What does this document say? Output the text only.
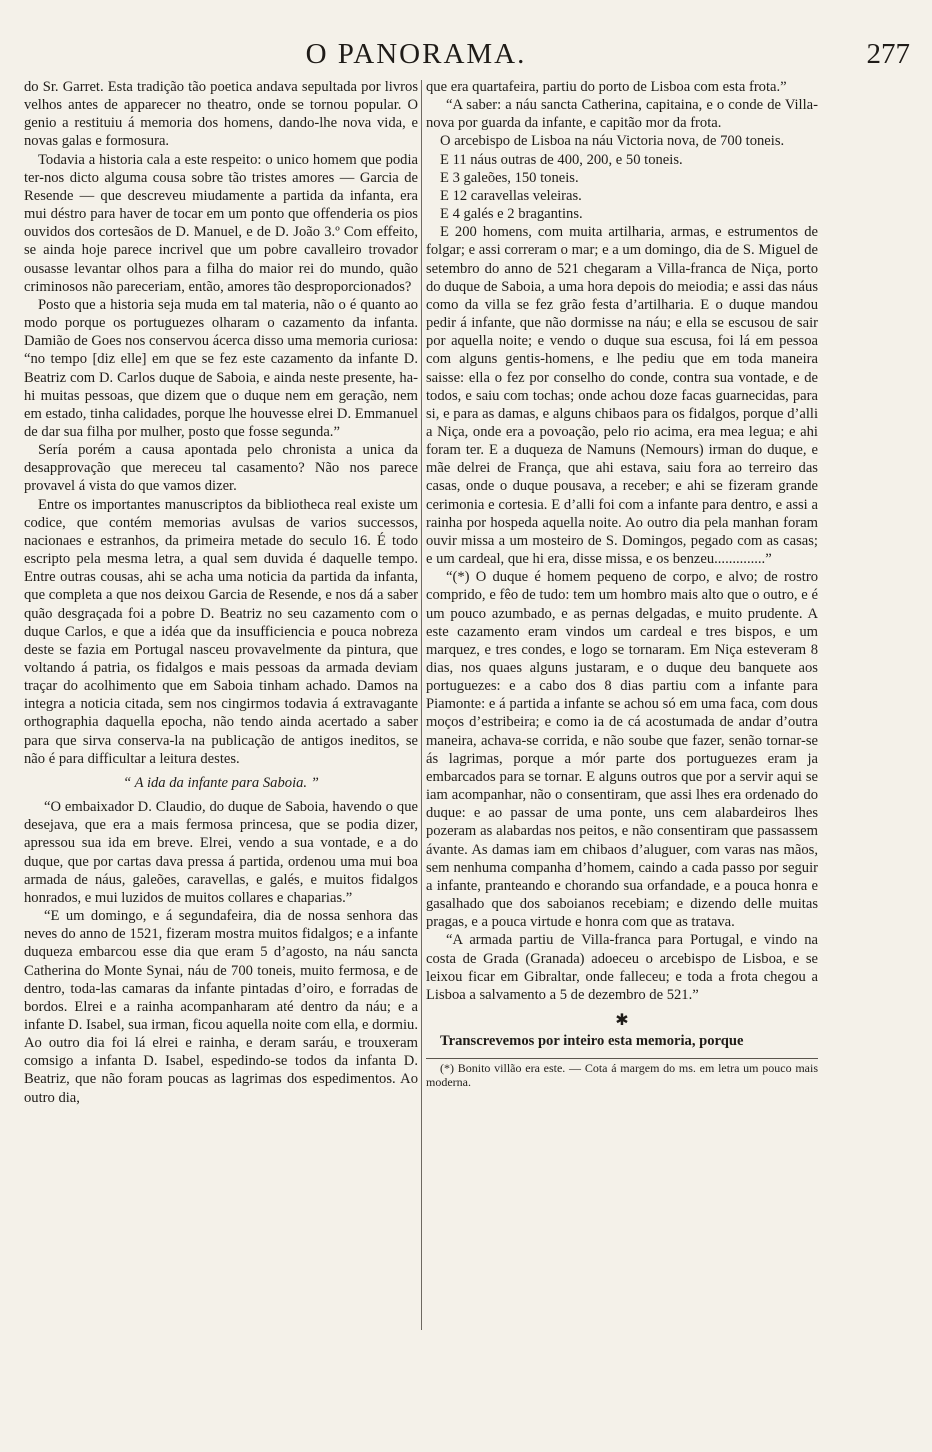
O PANORAMA.	277

do Sr. Garret. Esta tradição tão poetica andava sepultada por livros velhos antes de apparecer no theatro, onde se tornou popular. O genio a restituiu á memoria dos homens, dando-lhe nova vida, e novas galas e formosura.

Todavia a historia cala a este respeito: o unico homem que podia ter-nos dicto alguma cousa sobre tão tristes amores — Garcia de Resende — que descreveu miudamente a partida da infanta, era mui déstro para haver de tocar em um ponto que offenderia os pios ouvidos dos cortesãos de D. Manuel, e de D. João 3.º Com effeito, se ainda hoje parece incrivel que um pobre cavalleiro trovador ousasse levantar olhos para a filha do maior rei do mundo, quão criminosos não pareceriam, então, amores tão desproporcionados?

Posto que a historia seja muda em tal materia, não o é quanto ao modo porque os portuguezes olharam o cazamento da infanta. Damião de Goes nos conservou ácerca disso uma memoria curiosa: “no tempo [diz elle] em que se fez este cazamento da infante D. Beatriz com D. Carlos duque de Saboia, e ainda neste presente, ha-hi muitas pessoas, que dizem que o duque nem em geração, nem em estado, tinha calidades, porque lhe houvesse elrei D. Emmanuel de dar sua filha por mulher, posto que fosse segunda.”

Sería porém a causa apontada pelo chronista a unica da desapprovação que mereceu tal casamento? Não nos parece provavel á vista do que vamos dizer.

Entre os importantes manuscriptos da bibliotheca real existe um codice, que contém memorias avulsas de varios successos, nacionaes e estranhos, da primeira metade do seculo 16. É todo escripto pela mesma letra, a qual sem duvida é daquelle tempo. Entre outras cousas, ahi se acha uma noticia da partida da infanta, que completa a que nos deixou Garcia de Resende, e nos dá a saber quão desgraçada foi a pobre D. Beatriz no seu cazamento com o duque Carlos, e que a idéa que da insufficiencia e pouca nobreza deste se fazia em Portugal nasceu provavelmente da pintura, que voltando á patria, os fidalgos e mais pessoas da armada deviam traçar do acolhimento que em Saboia tinham achado. Damos na integra a noticia citada, sem nos cingirmos todavia á extravagante orthographia daquella epocha, não tendo ainda acertado a saber para que sirva conserva-la na publicação de antigos ineditos, se não é para difficultar a leitura destes.

“ A ida da infante para Saboia. ”

“O embaixador D. Claudio, do duque de Saboia, havendo o que desejava, que era a mais fermosa princesa, que se podia dizer, apressou sua ida em breve. Elrei, vendo a sua vontade, e a do duque, que por cartas dava pressa á partida, ordenou uma mui boa armada de náus, galeões, caravellas, e galés, e muitos fidalgos honrados, e mui luzidos de muitos collares e chaparias.”

“E um domingo, e á segundafeira, dia de nossa senhora das neves do anno de 1521, fizeram mostra muitos fidalgos; e a infante duqueza embarcou esse dia que eram 5 d’agosto, na náu sancta Catherina do Monte Synai, náu de 700 toneis, muito fermosa, e de dentro, toda-las camaras da infante pintadas d’oiro, e forradas de bordos. Elrei e a rainha acompanharam até dentro da náu; e a infante D. Isabel, sua irman, ficou aquella noite com ella, e dormiu. Ao outro dia foi lá elrei e rainha, e deram saráu, e trouxeram comsigo a infanta D. Isabel, espedindo-se todos da infanta D. Beatriz, que não foram poucas as lagrimas dos espedimentos. Ao outro dia,

que era quartafeira, partiu do porto de Lisboa com esta frota.”

“A saber: a náu sancta Catherina, capitaina, e o conde de Villa-nova por guarda da infante, e capitão mor da frota.

O arcebispo de Lisboa na náu Victoria nova, de 700 toneis.

E 11 náus outras de 400, 200, e 50 toneis.

E 3 galeões, 150 toneis.

E 12 caravellas veleiras.

E 4 galés e 2 bragantins.

E 200 homens, com muita artilharia, armas, e estrumentos de folgar; e assi correram o mar; e a um domingo, dia de S. Miguel de setembro do anno de 521 chegaram a Villa-franca de Niça, porto do duque de Saboia, a uma hora depois do meiodia; e assi das náus como da villa se fez grão festa d’artilharia. E o duque mandou pedir á infante, que não dormisse na náu; e ella se escusou de sair por aquella noite; e vendo o duque sua escusa, foi lá em pessoa com alguns gentis-homens, e lhe pediu que em toda maneira saisse: ella o fez por conselho do conde, contra sua vontade, e de todos, e saiu com tochas; onde achou doze facas guarnecidas, para si, e para as damas, e alguns chibaos para os fidalgos, porque d’alli a Niça, onde era a povoação, pelo rio acima, era mea legua; e ahi foram ter. E a duqueza de Namuns (Nemours) irman do duque, e mãe delrei de França, que ahi estava, saiu fora ao terreiro das casas, onde o duque pousava, a receber; e ahi se fizeram grande cerimonia e cortesia. E d’alli foi com a infante para dentro, e assi a rainha por hospeda aquella noite. Ao outro dia pela manhan foram ouvir missa a um mosteiro de S. Domingos, pegado com as casas; e um cardeal, que hi era, disse missa, e os benzeu..............”

“(*) O duque é homem pequeno de corpo, e alvo; de rostro comprido, e fêo de tudo: tem um hombro mais alto que o outro, e é um pouco azumbado, e as pernas delgadas, e muito prudente. A este cazamento eram vindos um cardeal e tres bispos, e um marquez, e tres condes, e logo se tornaram. Em Niça esteveram 8 dias, nos quaes alguns justaram, e o duque deu banquete aos portuguezes: e a cabo dos 8 dias partiu com a infante para Piamonte: e á partida a infante se achou só em uma faca, com dous moços d’estribeira; e como ia de cá acostumada de andar d’outra maneira, achava-se corrida, e não soube que fazer, senão tornar-se ás lagrimas, porque a mór parte dos portuguezes eram ja embarcados para se tornar. E alguns outros que por a servir aqui se iam acompanhar, não o consentiram, que assi lhes era ordenado do duque: e ao passar de uma ponte, uns cem alabardeiros lhes pozeram as alabardas nos peitos, e não consentiram que passassem ávante. As damas iam em chibaos d’aluguer, com varas nas mãos, sem nenhuma companha d’homem, caindo a cada passo por seguir a infante, pranteando e chorando sua orfandade, e a pouca honra e gasalhado que dos saboianos recebiam; e dizendo delle muitas pragas, e a pouca virtude e honra com que as tratava.

“A armada partiu de Villa-franca para Portugal, e vindo na costa de Grada (Granada) adoeceu o arcebispo de Lisboa, e se leixou ficar em Gibraltar, onde falleceu; e toda a frota chegou a Lisboa a salvamento a 5 de dezembro de 521.”

✱

Transcrevemos por inteiro esta memoria, porque

(*) Bonito villão era este. — Cota á margem do ms. em letra um pouco mais moderna.
